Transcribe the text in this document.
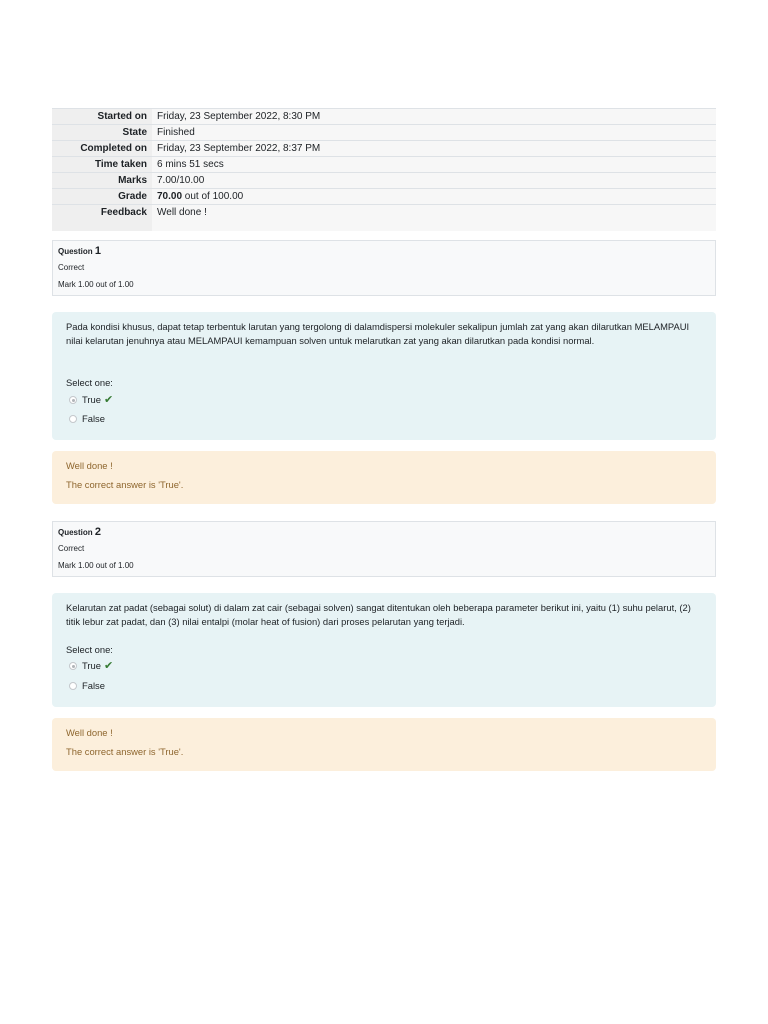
Started on	Friday, 23 September 2022, 8:30 PM
State	Finished
Completed on	Friday, 23 September 2022, 8:37 PM
Time taken	6 mins 51 secs
Marks	7.00/10.00
Grade	70.00 out of 100.00
Feedback	Well done !
Question 1
Correct
Mark 1.00 out of 1.00
Pada kondisi khusus, dapat tetap terbentuk larutan yang tergolong di dalamdispersi molekuler sekalipun jumlah zat yang akan dilarutkan MELAMPAUI nilai kelarutan jenuhnya atau MELAMPAUI kemampuan solven untuk melarutkan zat yang akan dilarutkan pada kondisi normal.
Select one:
True ✔
False
Well done !
The correct answer is 'True'.
Question 2
Correct
Mark 1.00 out of 1.00
Kelarutan zat padat (sebagai solut) di dalam zat cair (sebagai solven) sangat ditentukan oleh beberapa parameter berikut ini, yaitu (1) suhu pelarut, (2) titik lebur zat padat, dan (3) nilai entalpi (molar heat of fusion) dari proses pelarutan yang terjadi.
Select one:
True ✔
False
Well done !
The correct answer is 'True'.
